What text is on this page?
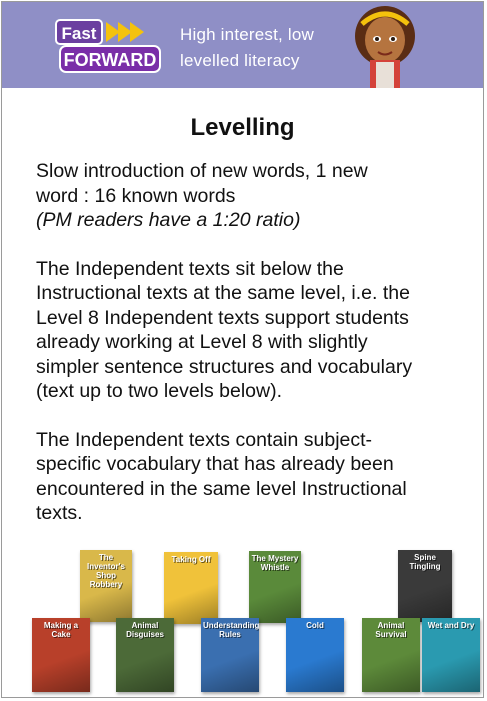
Fast
FORWARD
High interest, low
levelled literacy
Levelling

Slow introduction of new words, 1 new
word : 16 known words
(PM readers have a 1:20 ratio)

The Independent texts sit below the
Instructional texts at the same level, i.e. the
Level 8 Independent texts support students
already working at Level 8 with slightly
simpler sentence structures and vocabulary
(text up to two levels below).

The Independent texts contain subject-
specific vocabulary that has already been
encountered in the same level Instructional
texts.

The Inventor's Shop Robbery
Taking Off	The Mystery Whistle
Spine Tingling
Making a Cake
Animal Disguises
Understanding Rules
Cold	Animal Survival
Wet and Dry
